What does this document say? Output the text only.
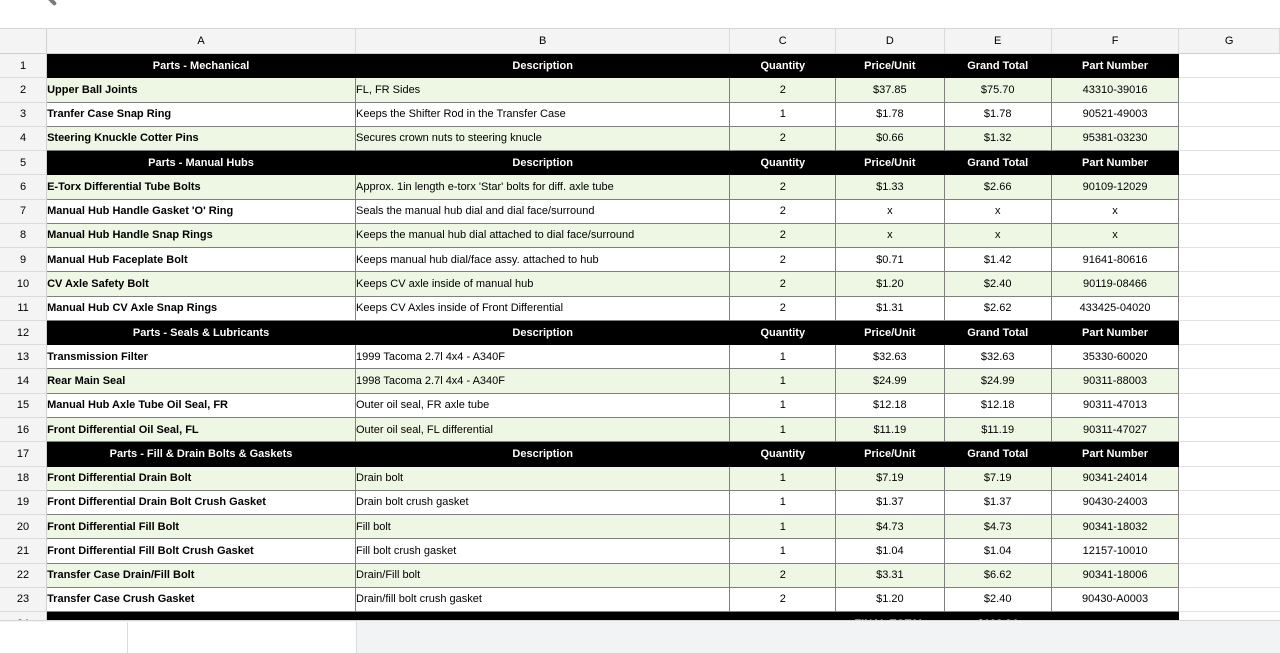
	A	B	C	D	E	F	G
1	Parts - Mechanical	Description	Quantity	Price/Unit	Grand Total	Part Number	
2	Upper Ball Joints	FL, FR Sides	2	$37.85	$75.70	43310-39016	
3	Tranfer Case Snap Ring	Keeps the Shifter Rod in the Transfer Case	1	$1.78	$1.78	90521-49003	
4	Steering Knuckle Cotter Pins	Secures crown nuts to steering knucle	2	$0.66	$1.32	95381-03230	
5	Parts - Manual Hubs	Description	Quantity	Price/Unit	Grand Total	Part Number	
6	E-Torx Differential Tube Bolts	Approx. 1in length e-torx 'Star' bolts for diff. axle tube	2	$1.33	$2.66	90109-12029	
7	Manual Hub Handle Gasket 'O' Ring	Seals the manual hub dial and dial face/surround	2	x	x	x	
8	Manual Hub Handle Snap Rings	Keeps the manual hub dial attached to dial face/surround	2	x	x	x	
9	Manual Hub Faceplate Bolt	Keeps manual hub dial/face assy. attached to hub	2	$0.71	$1.42	91641-80616	
10	CV Axle Safety Bolt	Keeps CV axle inside of manual hub	2	$1.20	$2.40	90119-08466	
11	Manual Hub CV Axle Snap Rings	Keeps CV Axles inside of Front Differential	2	$1.31	$2.62	433425-04020	
12	Parts - Seals & Lubricants	Description	Quantity	Price/Unit	Grand Total	Part Number	
13	Transmission Filter	1999 Tacoma 2.7l 4x4 - A340F	1	$32.63	$32.63	35330-60020	
14	Rear Main Seal	1998 Tacoma 2.7l 4x4 - A340F	1	$24.99	$24.99	90311-88003	
15	Manual Hub Axle Tube Oil Seal, FR	Outer oil seal, FR axle tube	1	$12.18	$12.18	90311-47013	
16	Front Differential Oil Seal, FL	Outer oil seal, FL differential	1	$11.19	$11.19	90311-47027	
17	Parts - Fill & Drain Bolts & Gaskets	Description	Quantity	Price/Unit	Grand Total	Part Number	
18	Front Differential Drain Bolt	Drain bolt	1	$7.19	$7.19	90341-24014	
19	Front Differential Drain Bolt Crush Gasket	Drain bolt crush gasket	1	$1.37	$1.37	90430-24003	
20	Front Differential Fill Bolt	Fill bolt	1	$4.73	$4.73	90341-18032	
21	Front Differential Fill Bolt Crush Gasket	Fill bolt crush gasket	1	$1.04	$1.04	12157-10010	
22	Transfer Case Drain/Fill Bolt	Drain/Fill bolt	2	$3.31	$6.62	90341-18006	
23	Transfer Case Crush Gasket	Drain/fill bolt crush gasket	2	$1.20	$2.40	90430-A0003	
